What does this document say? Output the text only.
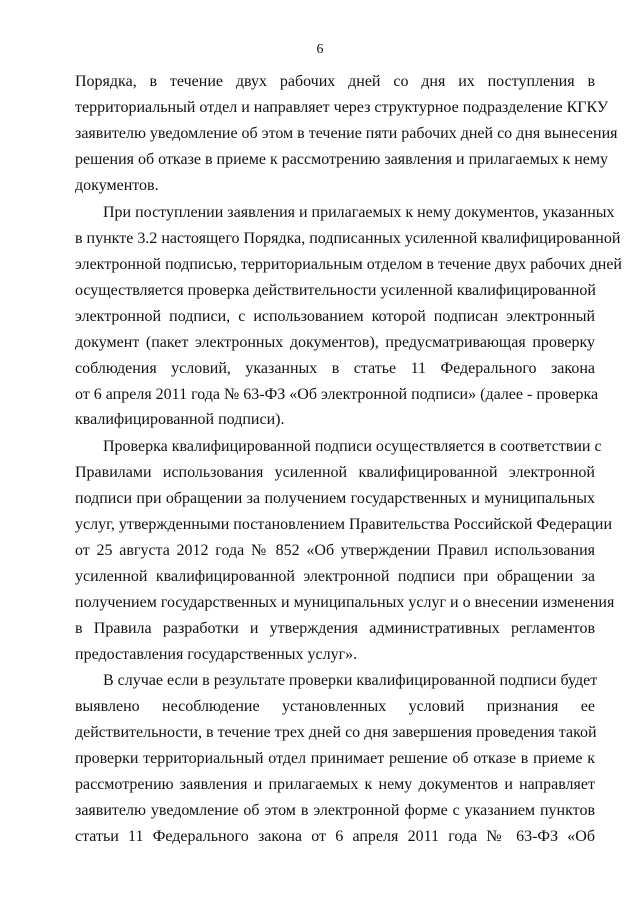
6
Порядка, в течение двух рабочих дней со дня их поступления в
территориальный отдел и направляет через структурное подразделение КГКУ
заявителю уведомление об этом в течение пяти рабочих дней со дня вынесения
решения об отказе в приеме к рассмотрению заявления и прилагаемых к нему
документов.
При поступлении заявления и прилагаемых к нему документов, указанных
в пункте 3.2 настоящего Порядка, подписанных усиленной квалифицированной
электронной подписью, территориальным отделом в течение двух рабочих дней
осуществляется проверка действительности усиленной квалифицированной
электронной подписи, с использованием которой подписан электронный
документ (пакет электронных документов), предусматривающая проверку
соблюдения условий, указанных в статье 11 Федерального закона
от 6 апреля 2011 года № 63-ФЗ «Об электронной подписи» (далее - проверка
квалифицированной подписи).
Проверка квалифицированной подписи осуществляется в соответствии с
Правилами использования усиленной квалифицированной электронной
подписи при обращении за получением государственных и муниципальных
услуг, утвержденными постановлением Правительства Российской Федерации
от 25 августа 2012 года № 852 «Об утверждении Правил использования
усиленной квалифицированной электронной подписи при обращении за
получением государственных и муниципальных услуг и о внесении изменения
в Правила разработки и утверждения административных регламентов
предоставления государственных услуг».
В случае если в результате проверки квалифицированной подписи будет
выявлено несоблюдение установленных условий признания ее
действительности, в течение трех дней со дня завершения проведения такой
проверки территориальный отдел принимает решение об отказе в приеме к
рассмотрению заявления и прилагаемых к нему документов и направляет
заявителю уведомление об этом в электронной форме с указанием пунктов
статьи 11 Федерального закона от 6 апреля 2011 года № 63-ФЗ «Об
